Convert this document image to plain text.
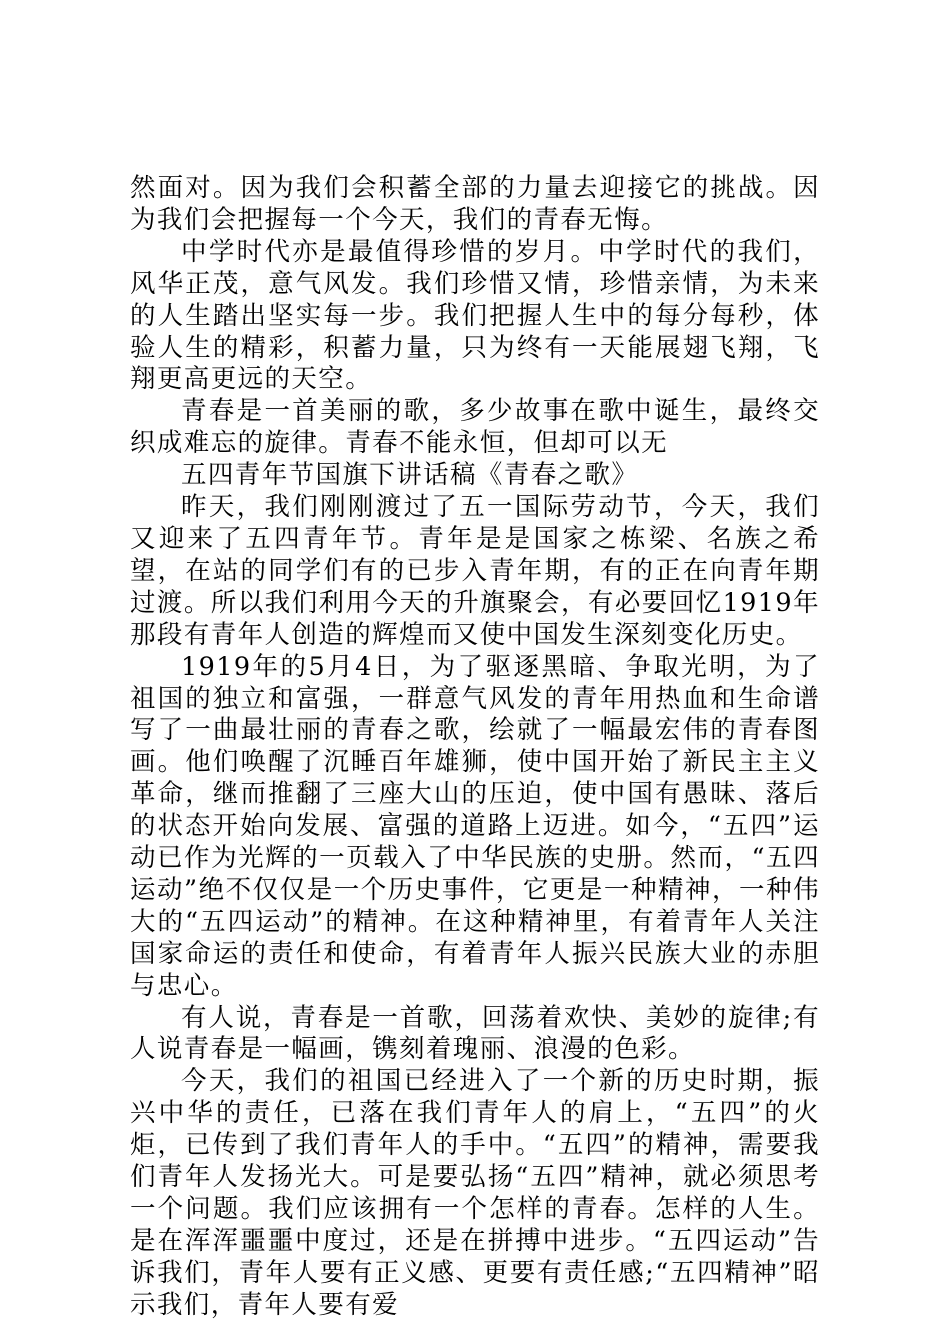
然面对。因为我们会积蓄全部的力量去迎接它的挑战。因为我们会把握每一个今天，我们的青春无悔。

中学时代亦是最值得珍惜的岁月。中学时代的我们，风华正茂，意气风发。我们珍惜又情，珍惜亲情，为未来的人生踏出坚实每一步。我们把握人生中的每分每秒，体验人生的精彩，积蓄力量，只为终有一天能展翅飞翔，飞翔更高更远的天空。

青春是一首美丽的歌，多少故事在歌中诞生，最终交织成难忘的旋律。青春不能永恒，但却可以无

五四青年节国旗下讲话稿《青春之歌》

昨天，我们刚刚渡过了五一国际劳动节，今天，我们又迎来了五四青年节。青年是是国家之栋梁、名族之希望，在站的同学们有的已步入青年期，有的正在向青年期过渡。所以我们利用今天的升旗聚会，有必要回忆1919年那段有青年人创造的辉煌而又使中国发生深刻变化历史。

1919年的5月4日，为了驱逐黑暗、争取光明，为了祖国的独立和富强，一群意气风发的青年用热血和生命谱写了一曲最壮丽的青春之歌，绘就了一幅最宏伟的青春图画。他们唤醒了沉睡百年雄狮，使中国开始了新民主主义革命，继而推翻了三座大山的压迫，使中国有愚昧、落后的状态开始向发展、富强的道路上迈进。如今，“五四”运动已作为光辉的一页载入了中华民族的史册。然而，“五四运动”绝不仅仅是一个历史事件，它更是一种精神，一种伟大的“五四运动”的精神。在这种精神里，有着青年人关注国家命运的责任和使命，有着青年人振兴民族大业的赤胆与忠心。

有人说，青春是一首歌，回荡着欢快、美妙的旋律;有人说青春是一幅画，镌刻着瑰丽、浪漫的色彩。

今天，我们的祖国已经进入了一个新的历史时期，振兴中华的责任，已落在我们青年人的肩上，“五四”的火炬，已传到了我们青年人的手中。“五四”的精神，需要我们青年人发扬光大。可是要弘扬“五四”精神，就必须思考一个问题。我们应该拥有一个怎样的青春。怎样的人生。是在浑浑噩噩中度过，还是在拼搏中进步。“五四运动”告诉我们，青年人要有正义感、更要有责任感;“五四精神”昭示我们，青年人要有爱
